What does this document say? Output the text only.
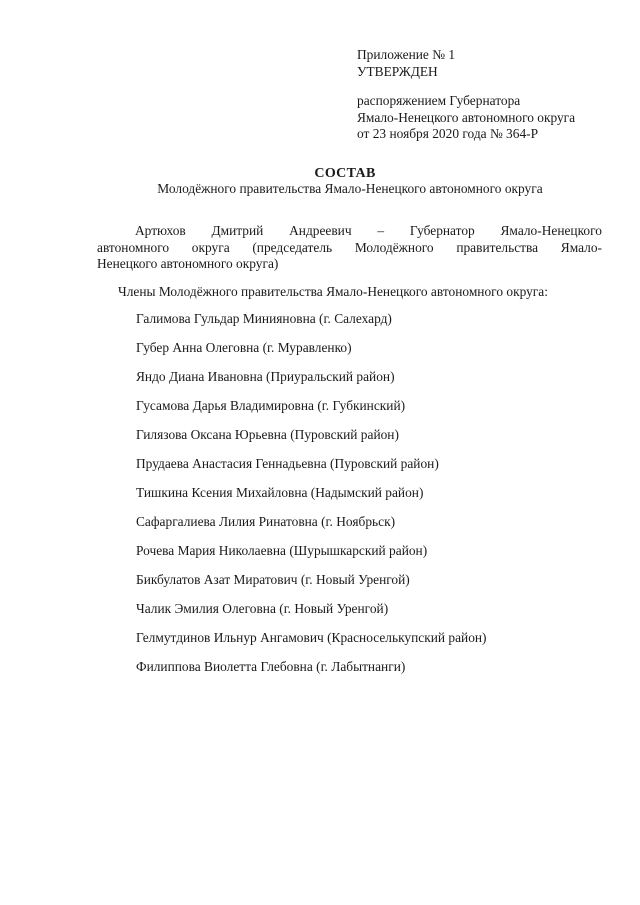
Приложение № 1
УТВЕРЖДЕН
распоряжением Губернатора
Ямало-Ненецкого автономного округа
от 23 ноября 2020 года № 364-Р
СОСТАВ
Молодёжного правительства Ямало-Ненецкого автономного округа
Артюхов Дмитрий Андреевич – Губернатор Ямало-Ненецкого
автономного округа (председатель Молодёжного правительства Ямало-
Ненецкого автономного округа)
Члены Молодёжного правительства Ямало-Ненецкого автономного округа:
Галимова Гульдар Минияновна (г. Салехард)
Губер Анна Олеговна (г. Муравленко)
Яндо Диана Ивановна (Приуральский район)
Гусамова Дарья Владимировна (г. Губкинский)
Гилязова Оксана Юрьевна (Пуровский район)
Прудаева Анастасия Геннадьевна (Пуровский район)
Тишкина Ксения Михайловна (Надымский район)
Сафаргалиева Лилия Ринатовна (г. Ноябрьск)
Рочева Мария Николаевна (Шурышкарский район)
Бикбулатов Азат Миратович (г. Новый Уренгой)
Чалик Эмилия Олеговна (г. Новый Уренгой)
Гелмутдинов Ильнур Ангамович (Красноселькупский район)
Филиппова Виолетта Глебовна (г. Лабытнанги)
